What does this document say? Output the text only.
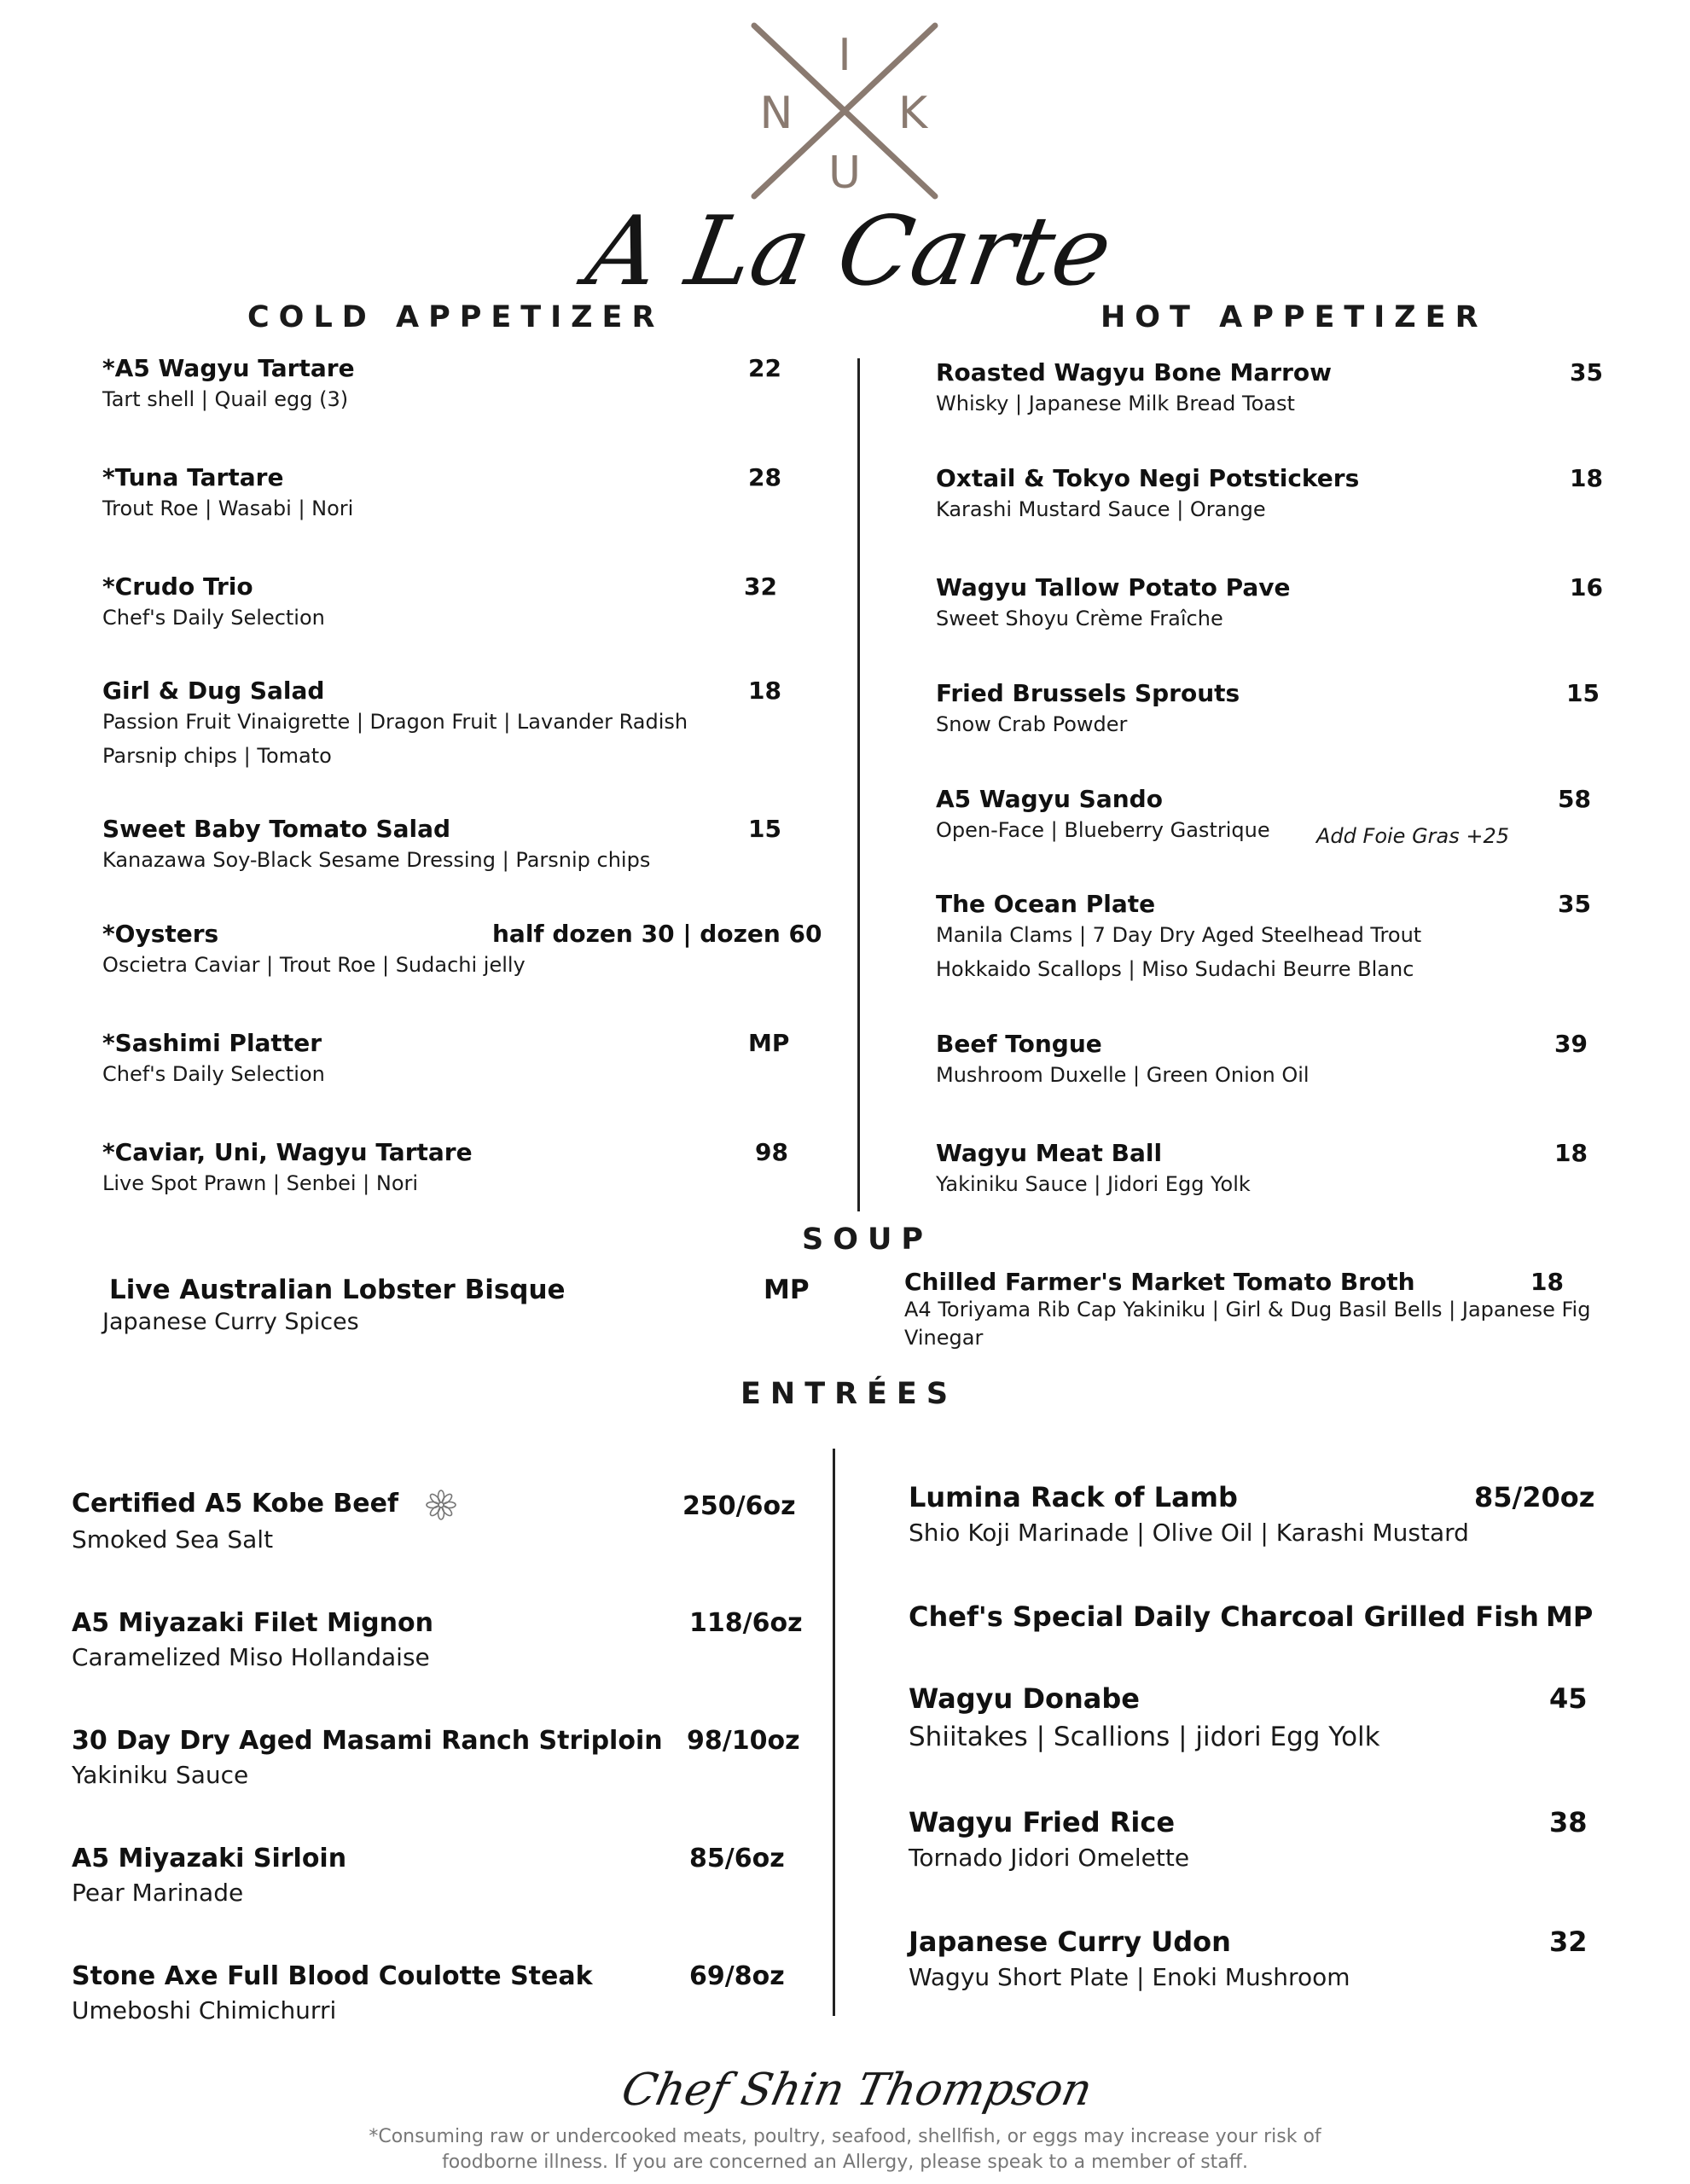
I
N K
U
A La Carte
COLD APPETIZER	HOT APPETIZER
*A5 Wagyu Tartare
Tart shell | Quail egg (3)
22
*Tuna Tartare
Trout Roe | Wasabi | Nori
28
*Crudo Trio
Chef's Daily Selection
32
Girl & Dug Salad
Passion Fruit Vinaigrette | Dragon Fruit | Lavander Radish
Parsnip chips | Tomato
18
Sweet Baby Tomato Salad
Kanazawa Soy-Black Sesame Dressing | Parsnip chips
15
*Oysters
Oscietra Caviar | Trout Roe | Sudachi jelly
half dozen 30 | dozen 60
*Sashimi Platter
Chef's Daily Selection
MP
*Caviar, Uni, Wagyu Tartare
Live Spot Prawn | Senbei | Nori
98
Roasted Wagyu Bone Marrow
Whisky | Japanese Milk Bread Toast
35
Oxtail & Tokyo Negi Potstickers
Karashi Mustard Sauce | Orange
18
Wagyu Tallow Potato Pave
Sweet Shoyu Crème Fraîche
16
Fried Brussels Sprouts
Snow Crab Powder
15
A5 Wagyu Sando
Open-Face | Blueberry Gastrique Add Foie Gras +25
58
The Ocean Plate
Manila Clams | 7 Day Dry Aged Steelhead Trout
Hokkaido Scallops | Miso Sudachi Beurre Blanc
35
Beef Tongue
Mushroom Duxelle | Green Onion Oil
39
Wagyu Meat Ball
Yakiniku Sauce | Jidori Egg Yolk
18
SOUP
Live Australian Lobster Bisque
Japanese Curry Spices
MP	Chilled Farmer's Market Tomato Broth
A4 Toriyama Rib Cap Yakiniku | Girl & Dug Basil Bells | Japanese Fig
Vinegar
18
ENTRÉES
Certified A5 Kobe Beef
Smoked Sea Salt
250/6oz
A5 Miyazaki Filet Mignon
Caramelized Miso Hollandaise
118/6oz
30 Day Dry Aged Masami Ranch Striploin
Yakiniku Sauce
98/10oz
A5 Miyazaki Sirloin
Pear Marinade
85/6oz
Stone Axe Full Blood Coulotte Steak
Umeboshi Chimichurri
69/8oz
Lumina Rack of Lamb
Shio Koji Marinade | Olive Oil | Karashi Mustard
85/20oz
Chef's Special Daily Charcoal Grilled Fish MP
Wagyu Donabe
Shiitakes | Scallions | jidori Egg Yolk
45
Wagyu Fried Rice
Tornado Jidori Omelette
38
Japanese Curry Udon
Wagyu Short Plate | Enoki Mushroom
32
Chef Shin Thompson
*Consuming raw or undercooked meats, poultry, seafood, shellfish, or eggs may increase your risk of
foodborne illness. If you are concerned an Allergy, please speak to a member of staff.
